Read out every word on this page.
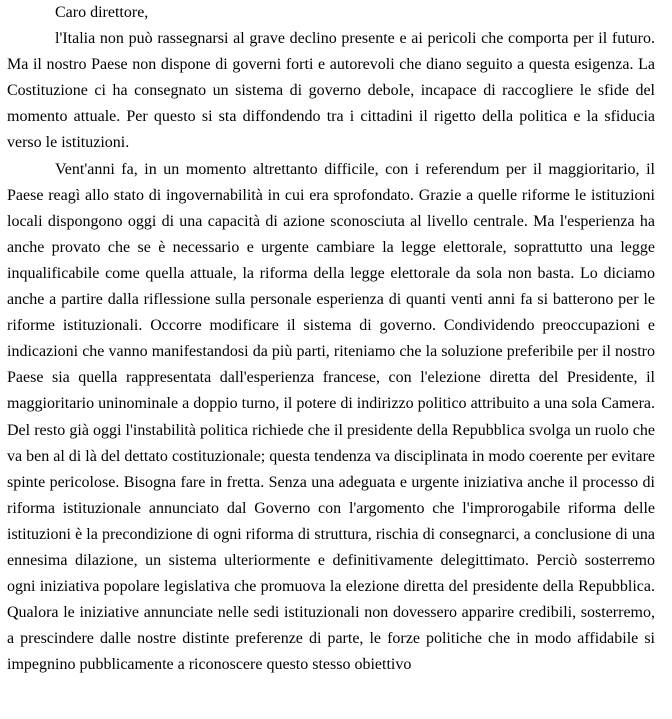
Caro direttore,

l'Italia non può rassegnarsi al grave declino presente e ai pericoli che comporta per il futuro. Ma il nostro Paese non dispone di governi forti e autorevoli che diano seguito a questa esigenza. La Costituzione ci ha consegnato un sistema di governo debole, incapace di raccogliere le sfide del momento attuale. Per questo si sta diffondendo tra i cittadini il rigetto della politica e la sfiducia verso le istituzioni.

Vent'anni fa, in un momento altrettanto difficile, con i referendum per il maggioritario, il Paese reagì allo stato di ingovernabilità in cui era sprofondato. Grazie a quelle riforme le istituzioni locali dispongono oggi di una capacità di azione sconosciuta al livello centrale. Ma l'esperienza ha anche provato che se è necessario e urgente cambiare la legge elettorale, soprattutto una legge inqualificabile come quella attuale, la riforma della legge elettorale da sola non basta. Lo diciamo anche a partire dalla riflessione sulla personale esperienza di quanti venti anni fa si batterono per le riforme istituzionali. Occorre modificare il sistema di governo. Condividendo preoccupazioni e indicazioni che vanno manifestandosi da più parti, riteniamo che la soluzione preferibile per il nostro Paese sia quella rappresentata dall'esperienza francese, con l'elezione diretta del Presidente, il maggioritario uninominale a doppio turno, il potere di indirizzo politico attribuito a una sola Camera. Del resto già oggi l'instabilità politica richiede che il presidente della Repubblica svolga un ruolo che va ben al di là del dettato costituzionale; questa tendenza va disciplinata in modo coerente per evitare spinte pericolose. Bisogna fare in fretta. Senza una adeguata e urgente iniziativa anche il processo di riforma istituzionale annunciato dal Governo con l'argomento che l'improrogabile riforma delle istituzioni è la precondizione di ogni riforma di struttura, rischia di consegnarci, a conclusione di una ennesima dilazione, un sistema ulteriormente e definitivamente delegittimato. Perciò sosterremo ogni iniziativa popolare legislativa che promuova la elezione diretta del presidente della Repubblica. Qualora le iniziative annunciate nelle sedi istituzionali non dovessero apparire credibili, sosterremo, a prescindere dalle nostre distinte preferenze di parte, le forze politiche che in modo affidabile si impegnino pubblicamente a riconoscere questo stesso obiettivo
